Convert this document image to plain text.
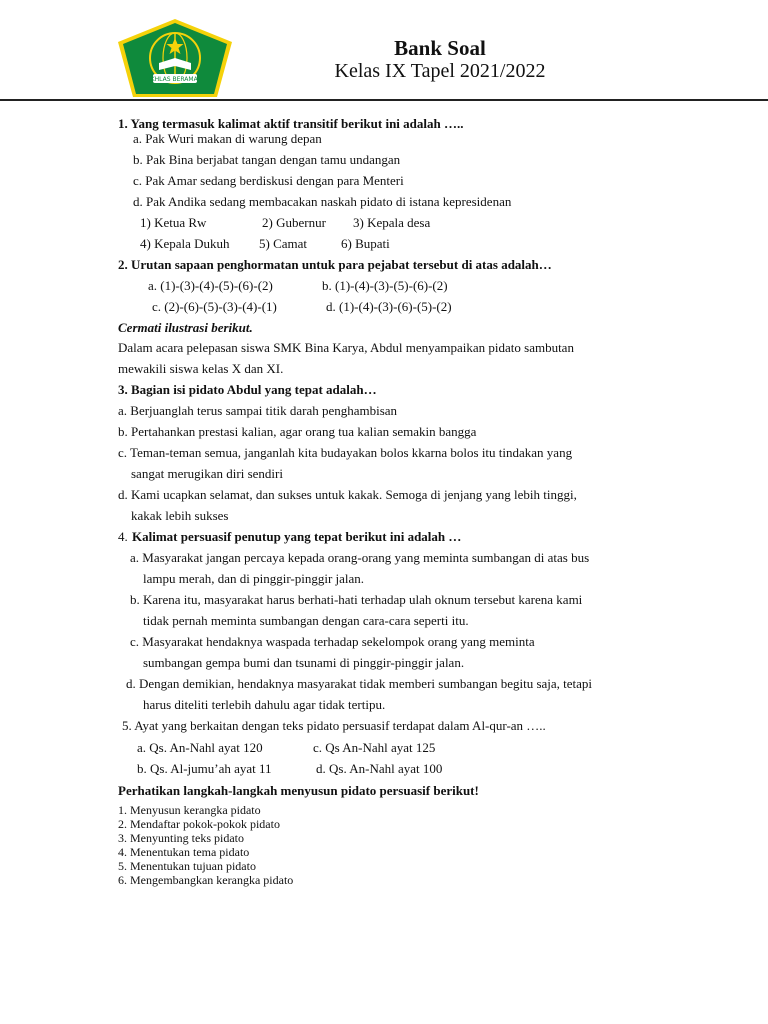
IKHLAS BERAMAL
Bank Soal
Kelas IX Tapel 2021/2022
1. Yang termasuk kalimat aktif transitif berikut ini adalah …..
a. Pak Wuri makan di warung depan
b. Pak Bina berjabat tangan dengan tamu undangan
c. Pak Amar sedang berdiskusi dengan para Menteri
d. Pak Andika sedang membacakan naskah pidato di istana kepresidenan
1) Ketua Rw	2) Gubernur 3) Kepala desa
4) Kepala Dukuh 5) Camat	6) Bupati
2. Urutan sapaan penghormatan untuk para pejabat tersebut di atas adalah…
a. (1)-(3)-(4)-(5)-(6)-(2)	b. (1)-(4)-(3)-(5)-(6)-(2)
c. (2)-(6)-(5)-(3)-(4)-(1)	d. (1)-(4)-(3)-(6)-(5)-(2)
Cermati ilustrasi berikut.
Dalam acara pelepasan siswa SMK Bina Karya, Abdul menyampaikan pidato sambutan
mewakili siswa kelas X dan XI.
3. Bagian isi pidato Abdul yang tepat adalah…
a. Berjuanglah terus sampai titik darah penghambisan
b. Pertahankan prestasi kalian, agar orang tua kalian semakin bangga
c. Teman-teman semua, janganlah kita budayakan bolos kkarna bolos itu tindakan yang
sangat merugikan diri sendiri
d. Kami ucapkan selamat, dan sukses untuk kakak. Semoga di jenjang yang lebih tinggi,
kakak lebih sukses
4. Kalimat persuasif penutup yang tepat berikut ini adalah …
a. Masyarakat jangan percaya kepada orang-orang yang meminta sumbangan di atas bus
lampu merah, dan di pinggir-pinggir jalan.
b. Karena itu, masyarakat harus berhati-hati terhadap ulah oknum tersebut karena kami
tidak pernah meminta sumbangan dengan cara-cara seperti itu.
c. Masyarakat hendaknya waspada terhadap sekelompok orang yang meminta
sumbangan gempa bumi dan tsunami di pinggir-pinggir jalan.
d. Dengan demikian, hendaknya masyarakat tidak memberi sumbangan begitu saja, tetapi
harus diteliti terlebih dahulu agar tidak tertipu.
5. Ayat yang berkaitan dengan teks pidato persuasif terdapat dalam Al-qur-an …..
a. Qs. An-Nahl ayat 120	c. Qs An-Nahl ayat 125
b. Qs. Al-jumu’ah ayat 11	d. Qs. An-Nahl ayat 100
Perhatikan langkah-langkah menyusun pidato persuasif berikut!
1. Menyusun kerangka pidato
2. Mendaftar pokok-pokok pidato
3. Menyunting teks pidato
4. Menentukan tema pidato
5. Menentukan tujuan pidato
6. Mengembangkan kerangka pidato
